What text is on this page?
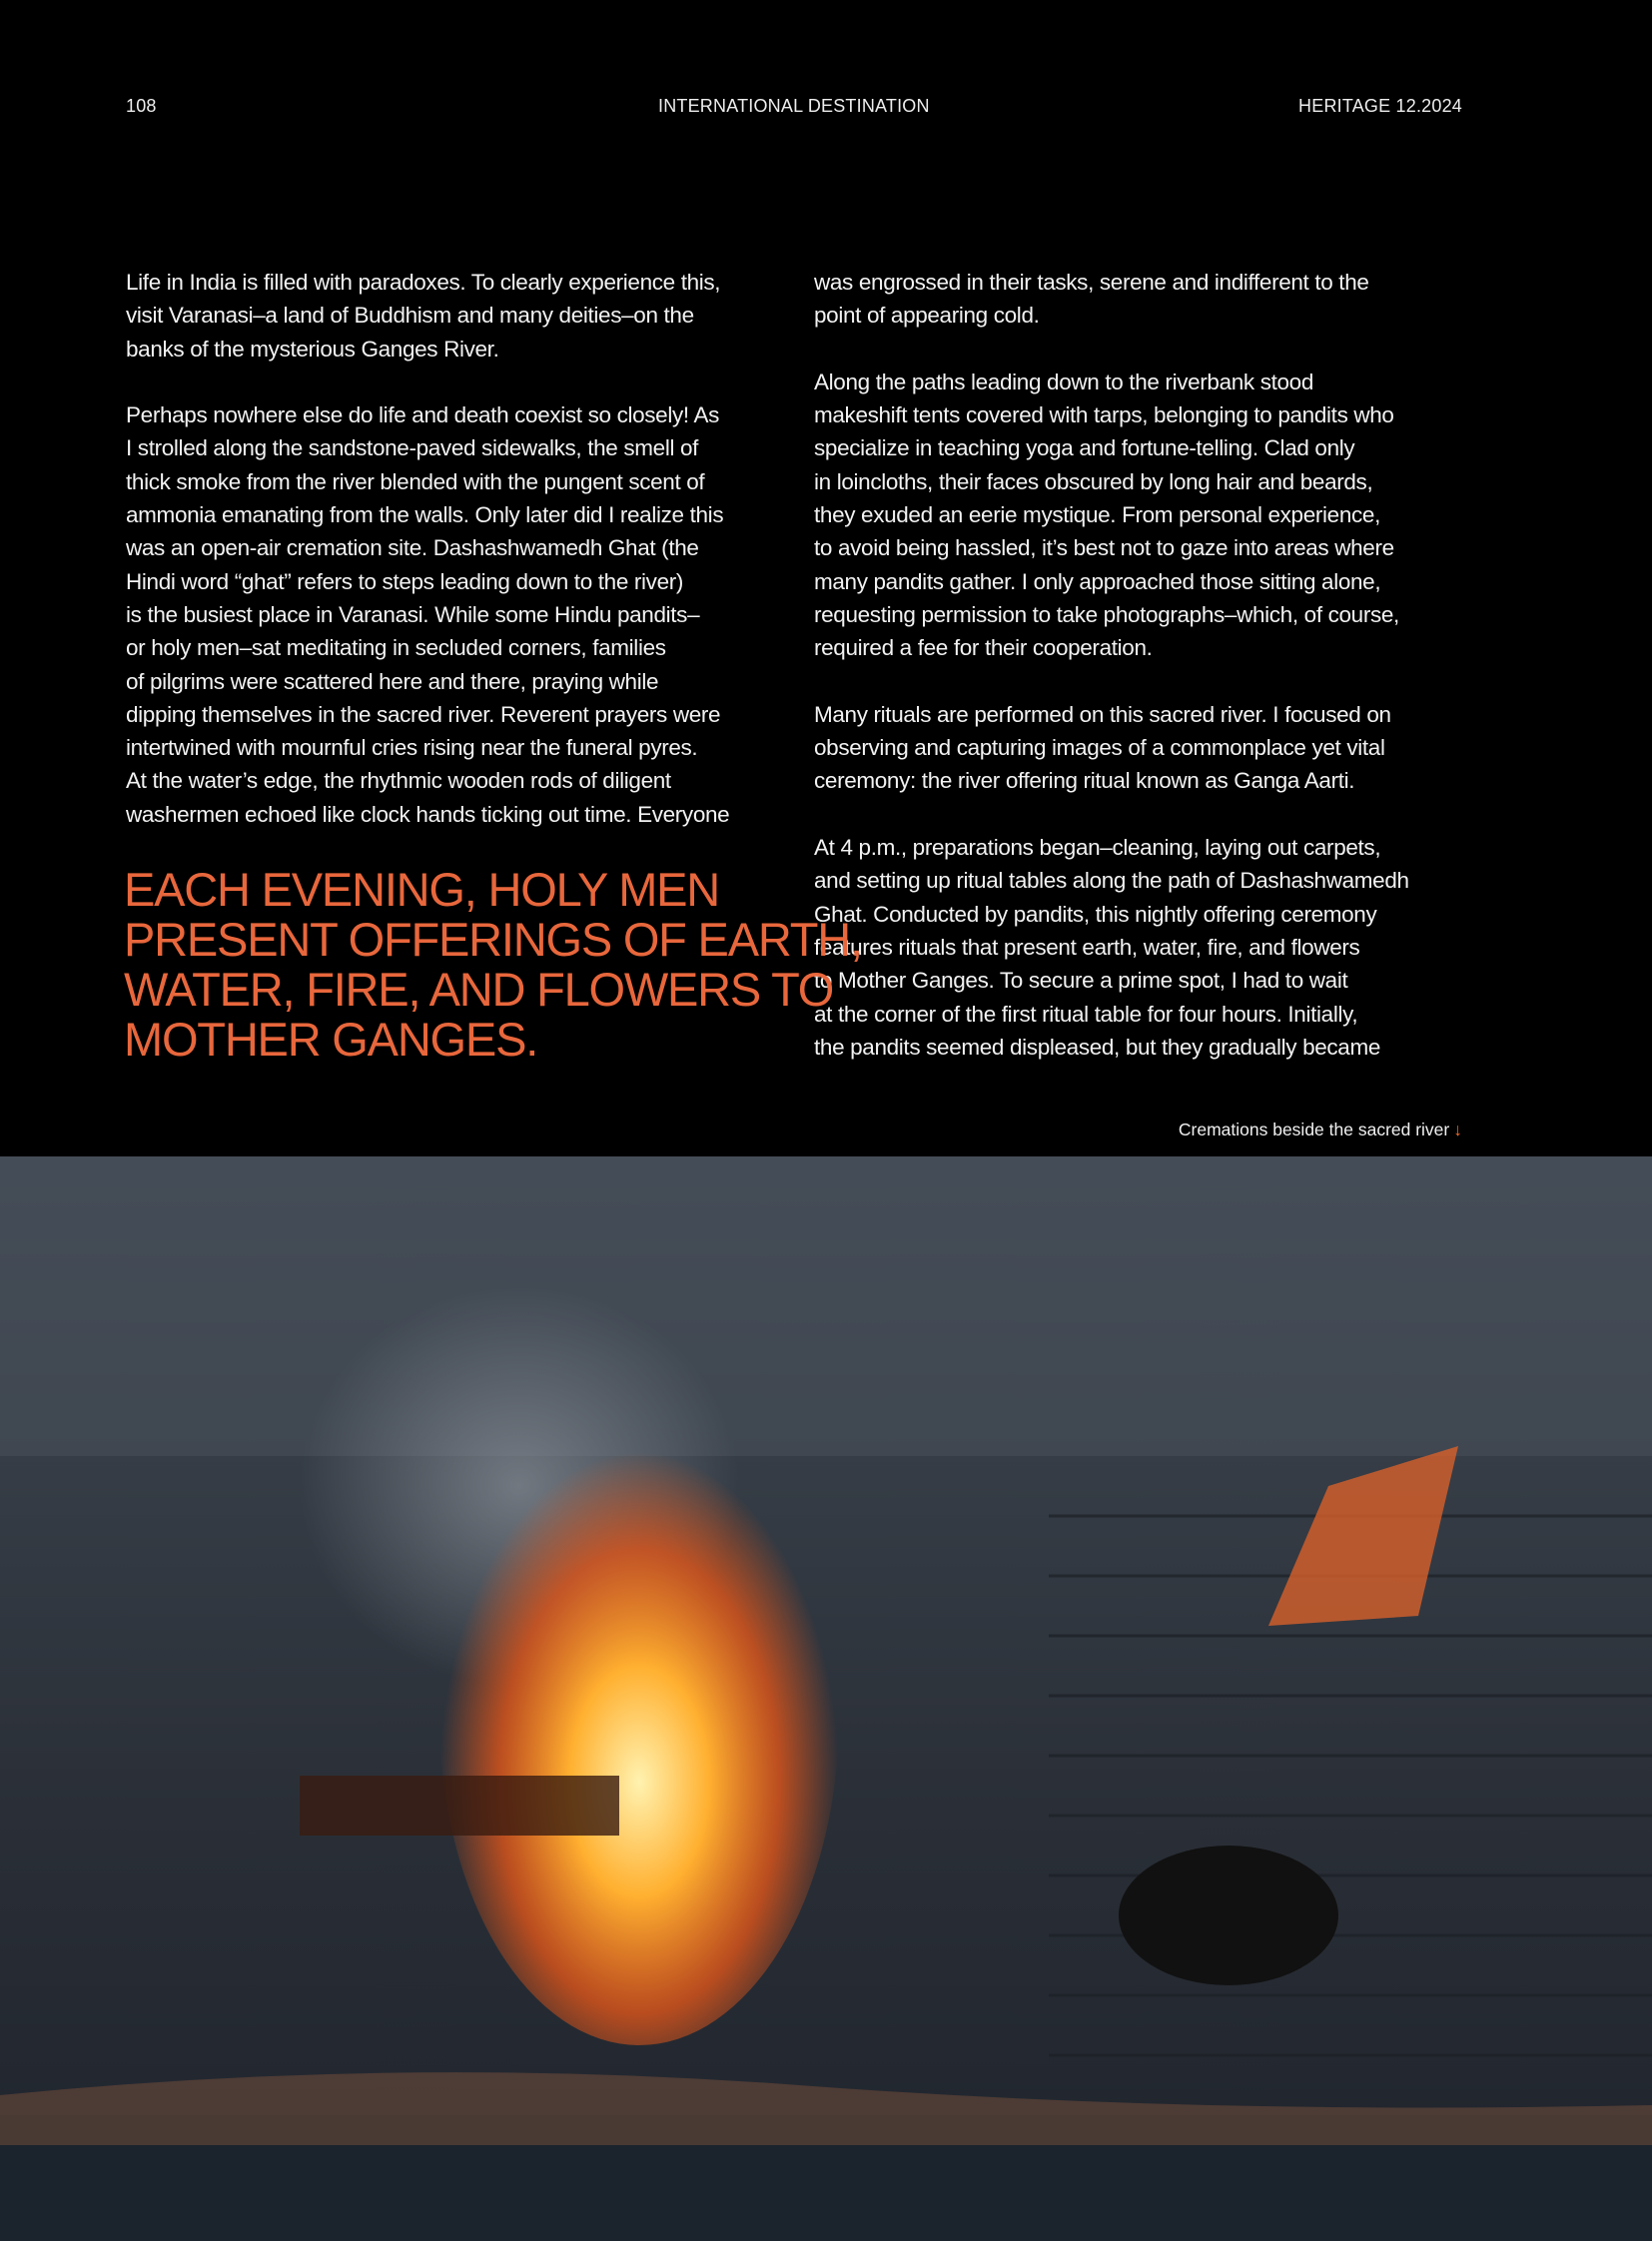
108	INTERNATIONAL DESTINATION	HERITAGE 12.2024
Life in India is filled with paradoxes. To clearly experience this,
visit Varanasi–a land of Buddhism and many deities–on the
banks of the mysterious Ganges River.
Perhaps nowhere else do life and death coexist so closely! As
I strolled along the sandstone-paved sidewalks, the smell of
thick smoke from the river blended with the pungent scent of
ammonia emanating from the walls. Only later did I realize this
was an open-air cremation site. Dashashwamedh Ghat (the
Hindi word “ghat” refers to steps leading down to the river)
is the busiest place in Varanasi. While some Hindu pandits–
or holy men–sat meditating in secluded corners, families
of pilgrims were scattered here and there, praying while
dipping themselves in the sacred river. Reverent prayers were
intertwined with mournful cries rising near the funeral pyres.
At the water’s edge, the rhythmic wooden rods of diligent
washermen echoed like clock hands ticking out time. Everyone
was engrossed in their tasks, serene and indifferent to the
point of appearing cold.
Along the paths leading down to the riverbank stood
makeshift tents covered with tarps, belonging to pandits who
specialize in teaching yoga and fortune-telling. Clad only
in loincloths, their faces obscured by long hair and beards,
they exuded an eerie mystique. From personal experience,
to avoid being hassled, it’s best not to gaze into areas where
many pandits gather. I only approached those sitting alone,
requesting permission to take photographs–which, of course,
required a fee for their cooperation.
Many rituals are performed on this sacred river. I focused on
observing and capturing images of a commonplace yet vital
ceremony: the river offering ritual known as Ganga Aarti.
At 4 p.m., preparations began–cleaning, laying out carpets,
and setting up ritual tables along the path of Dashashwamedh
Ghat. Conducted by pandits, this nightly offering ceremony
features rituals that present earth, water, fire, and flowers
to Mother Ganges. To secure a prime spot, I had to wait
at the corner of the first ritual table for four hours. Initially,
the pandits seemed displeased, but they gradually became
EACH EVENING, HOLY MEN
PRESENT OFFERINGS OF EARTH,
WATER, FIRE, AND FLOWERS TO
MOTHER GANGES.
Cremations beside the sacred river ↓
